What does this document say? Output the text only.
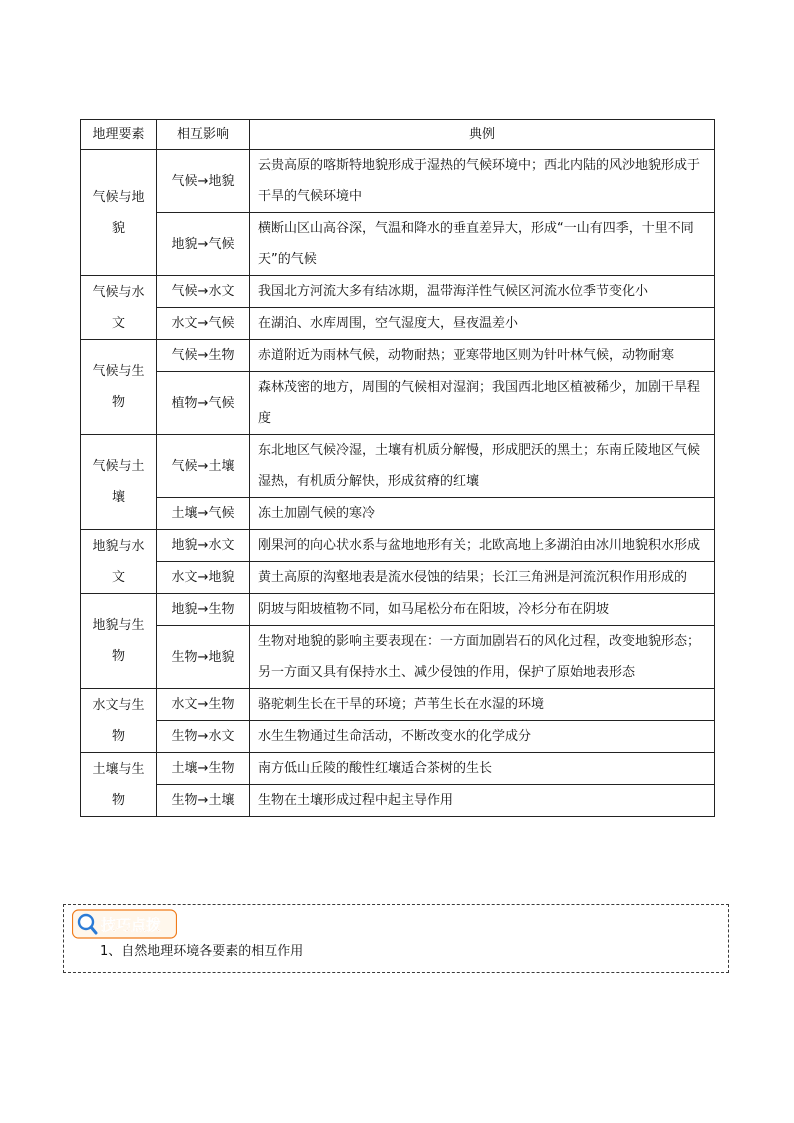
地理要素	相互影响	典例
气候与地貌	气候→地貌	云贵高原的喀斯特地貌形成于湿热的气候环境中；西北内陆的风沙地貌形成于干旱的气候环境中
	地貌→气候	横断山区山高谷深，气温和降水的垂直差异大，形成“一山有四季，十里不同天”的气候
气候与水文	气候→水文	我国北方河流大多有结冰期，温带海洋性气候区河流水位季节变化小
	水文→气候	在湖泊、水库周围，空气湿度大，昼夜温差小
气候与生物	气候→生物	赤道附近为雨林气候，动物耐热；亚寒带地区则为针叶林气候，动物耐寒
	植物→气候	森林茂密的地方，周围的气候相对湿润；我国西北地区植被稀少，加剧干旱程度
气候与土壤	气候→土壤	东北地区气候冷湿，土壤有机质分解慢，形成肥沃的黑土；东南丘陵地区气候湿热，有机质分解快，形成贫瘠的红壤
	土壤→气候	冻土加剧气候的寒冷
地貌与水文	地貌→水文	刚果河的向心状水系与盆地地形有关；北欧高地上多湖泊由冰川地貌积水形成
	水文→地貌	黄土高原的沟壑地表是流水侵蚀的结果；长江三角洲是河流沉积作用形成的
地貌与生物	地貌→生物	阴坡与阳坡植物不同，如马尾松分布在阳坡，冷杉分布在阴坡
	生物→地貌	生物对地貌的影响主要表现在：一方面加剧岩石的风化过程，改变地貌形态；另一方面又具有保持水土、减少侵蚀的作用，保护了原始地表形态
水文与生物	水文→生物	骆驼刺生长在干旱的环境；芦苇生长在水湿的环境
	生物→水文	水生生物通过生命活动，不断改变水的化学成分
土壤与生物	土壤→生物	南方低山丘陵的酸性红壤适合茶树的生长
	生物→土壤	生物在土壤形成过程中起主导作用
技巧点拨
1、自然地理环境各要素的相互作用
